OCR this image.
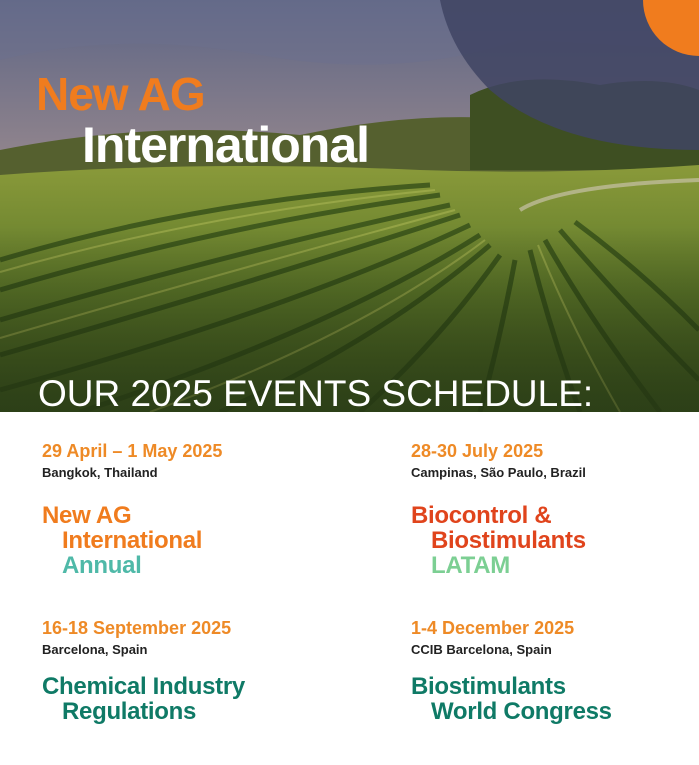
New AG
International
OUR 2025 EVENTS SCHEDULE:
29 April – 1 May 2025
Bangkok, Thailand
New AG
International
Annual
28-30 July 2025
Campinas, São Paulo, Brazil
Biocontrol &
Biostimulants
LATAM
16-18 September 2025
Barcelona, Spain
Chemical Industry
Regulations
1-4 December 2025
CCIB Barcelona, Spain
Biostimulants
World Congress
